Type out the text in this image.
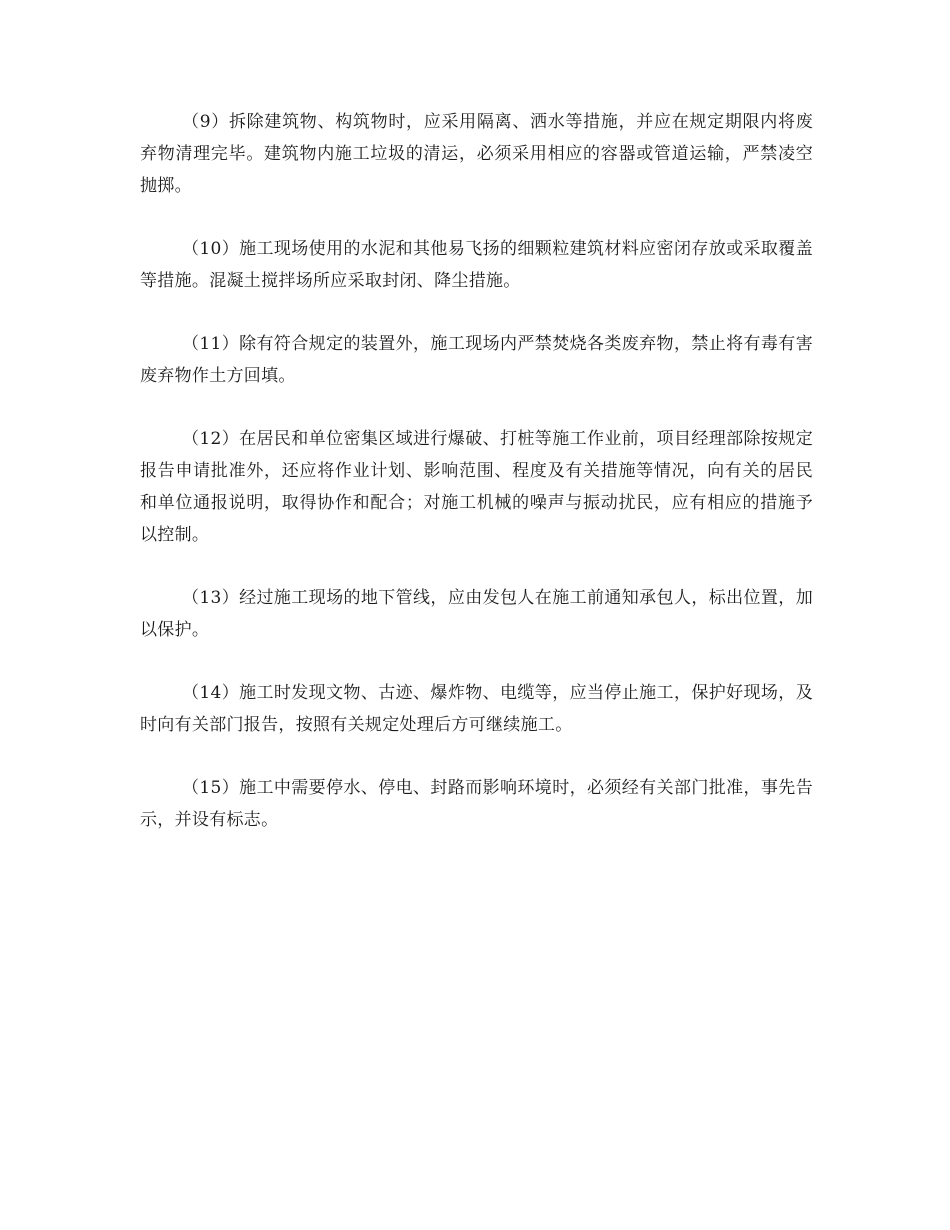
（9）拆除建筑物、构筑物时，应采用隔离、洒水等措施，并应在规定期限内将废弃物清理完毕。建筑物内施工垃圾的清运，必须采用相应的容器或管道运输，严禁凌空抛掷。

（10）施工现场使用的水泥和其他易飞扬的细颗粒建筑材料应密闭存放或采取覆盖等措施。混凝土搅拌场所应采取封闭、降尘措施。

（11）除有符合规定的装置外，施工现场内严禁焚烧各类废弃物，禁止将有毒有害废弃物作土方回填。

（12）在居民和单位密集区域进行爆破、打桩等施工作业前，项目经理部除按规定报告申请批准外，还应将作业计划、影响范围、程度及有关措施等情况，向有关的居民和单位通报说明，取得协作和配合；对施工机械的噪声与振动扰民，应有相应的措施予以控制。

（13）经过施工现场的地下管线，应由发包人在施工前通知承包人，标出位置，加以保护。

（14）施工时发现文物、古迹、爆炸物、电缆等，应当停止施工，保护好现场，及时向有关部门报告，按照有关规定处理后方可继续施工。

（15）施工中需要停水、停电、封路而影响环境时，必须经有关部门批准，事先告示，并设有标志。
